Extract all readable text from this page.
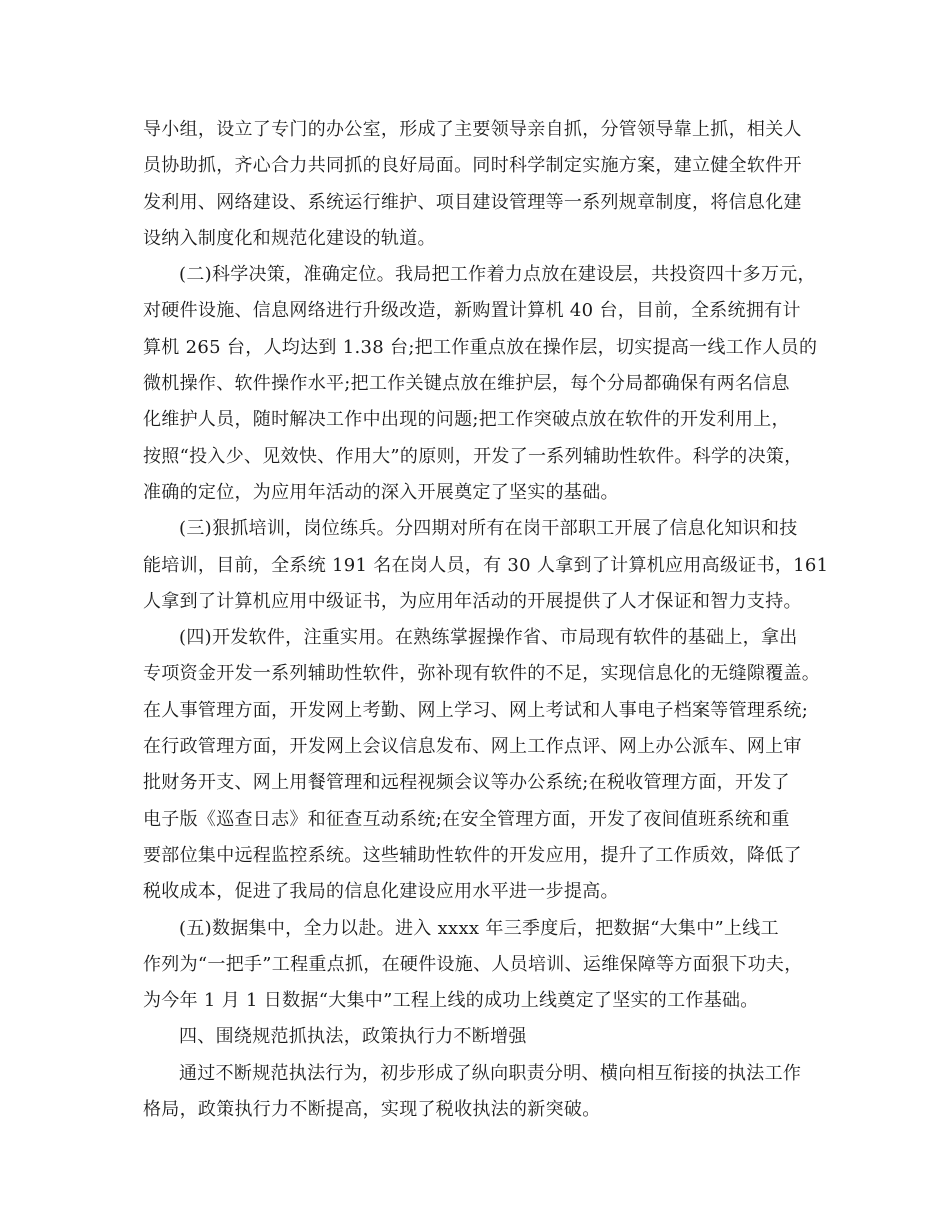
导小组，设立了专门的办公室，形成了主要领导亲自抓，分管领导靠上抓，相关人
员协助抓，齐心合力共同抓的良好局面。同时科学制定实施方案，建立健全软件开
发利用、网络建设、系统运行维护、项目建设管理等一系列规章制度，将信息化建
设纳入制度化和规范化建设的轨道。
(二)科学决策，准确定位。我局把工作着力点放在建设层，共投资四十多万元，
对硬件设施、信息网络进行升级改造，新购置计算机 40 台，目前，全系统拥有计
算机 265 台，人均达到 1.38 台;把工作重点放在操作层，切实提高一线工作人员的
微机操作、软件操作水平;把工作关键点放在维护层，每个分局都确保有两名信息
化维护人员，随时解决工作中出现的问题;把工作突破点放在软件的开发利用上，
按照“投入少、见效快、作用大”的原则，开发了一系列辅助性软件。科学的决策，
准确的定位，为应用年活动的深入开展奠定了坚实的基础。
(三)狠抓培训，岗位练兵。分四期对所有在岗干部职工开展了信息化知识和技
能培训，目前，全系统 191 名在岗人员，有 30 人拿到了计算机应用高级证书，161
人拿到了计算机应用中级证书，为应用年活动的开展提供了人才保证和智力支持。
(四)开发软件，注重实用。在熟练掌握操作省、市局现有软件的基础上，拿出
专项资金开发一系列辅助性软件，弥补现有软件的不足，实现信息化的无缝隙覆盖。
在人事管理方面，开发网上考勤、网上学习、网上考试和人事电子档案等管理系统;
在行政管理方面，开发网上会议信息发布、网上工作点评、网上办公派车、网上审
批财务开支、网上用餐管理和远程视频会议等办公系统;在税收管理方面，开发了
电子版《巡查日志》和征查互动系统;在安全管理方面，开发了夜间值班系统和重
要部位集中远程监控系统。这些辅助性软件的开发应用，提升了工作质效，降低了
税收成本，促进了我局的信息化建设应用水平进一步提高。
(五)数据集中，全力以赴。进入 xxxx 年三季度后，把数据“大集中”上线工
作列为“一把手”工程重点抓，在硬件设施、人员培训、运维保障等方面狠下功夫，
为今年 1 月 1 日数据“大集中”工程上线的成功上线奠定了坚实的工作基础。
四、围绕规范抓执法，政策执行力不断增强
通过不断规范执法行为，初步形成了纵向职责分明、横向相互衔接的执法工作
格局，政策执行力不断提高，实现了税收执法的新突破。
